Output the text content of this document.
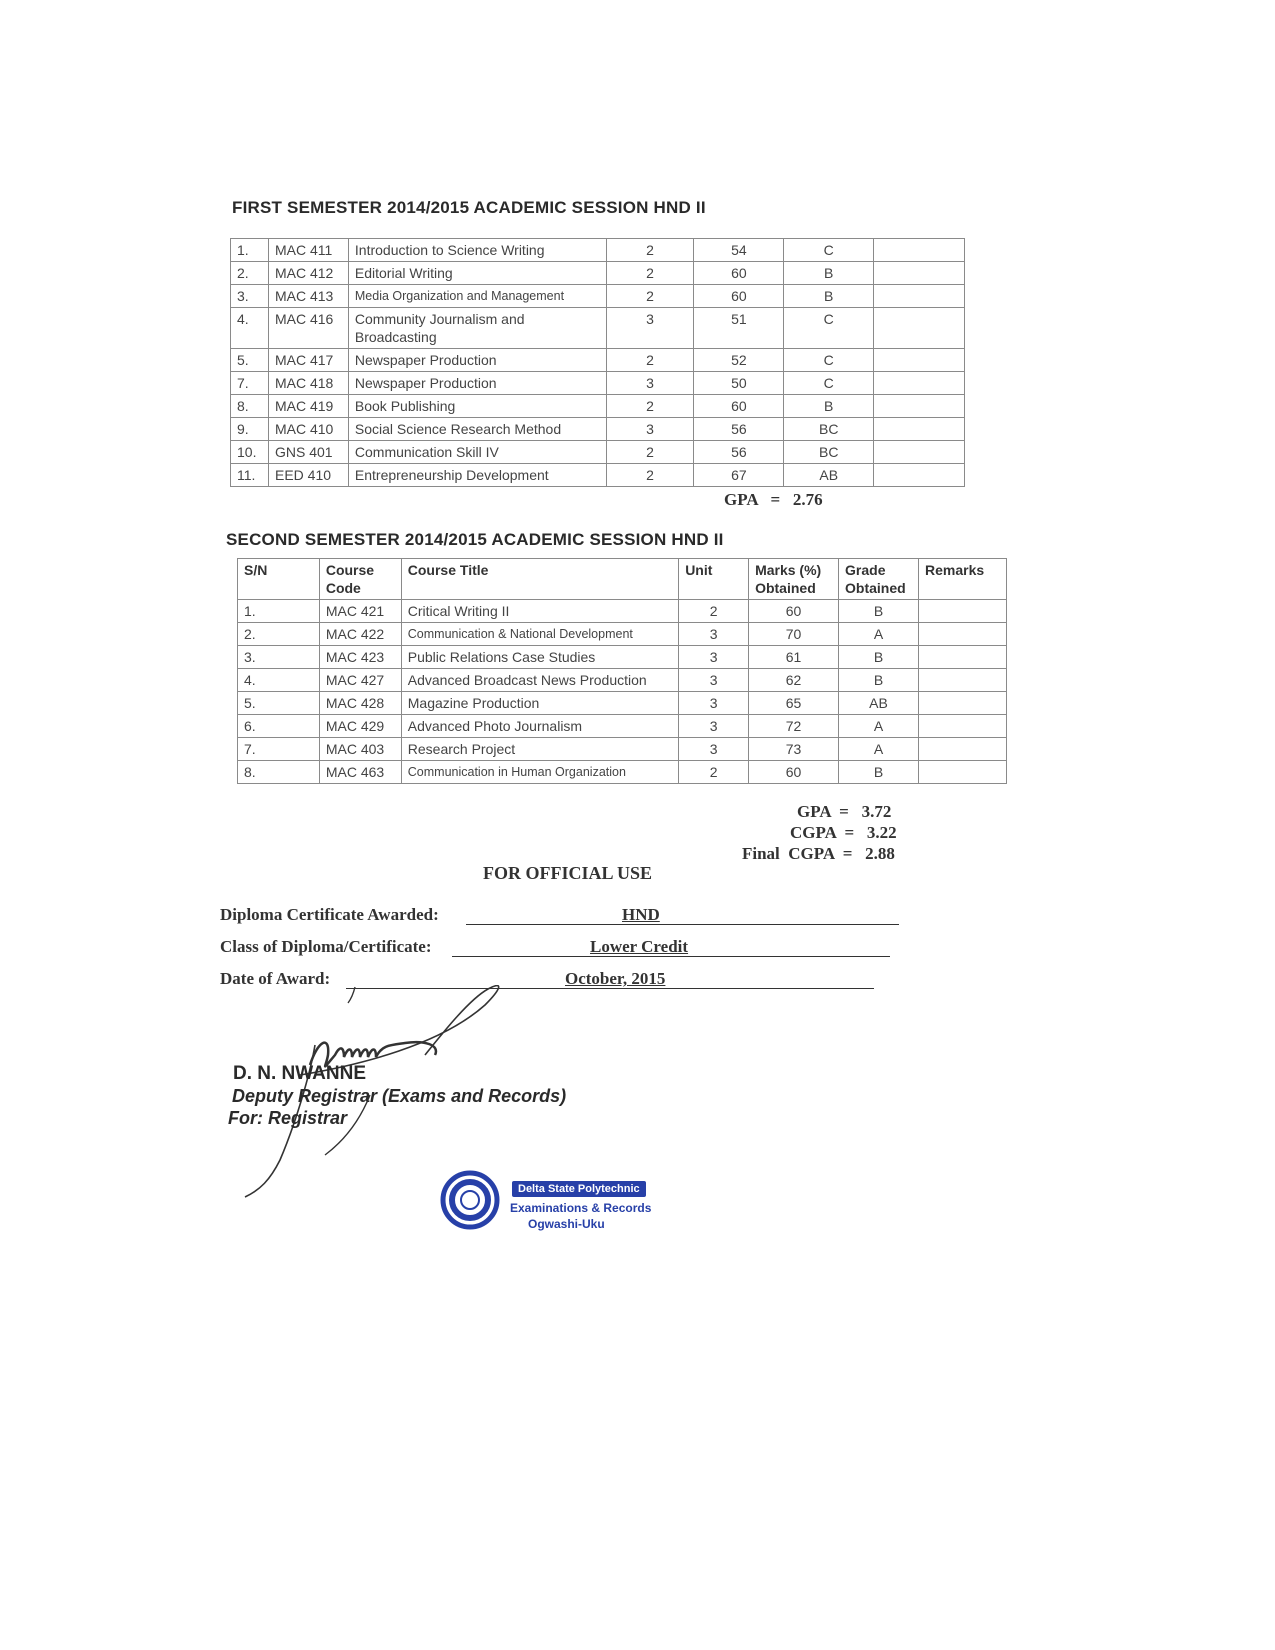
FIRST SEMESTER 2014/2015 ACADEMIC SESSION HND II
1.	MAC 411	Introduction to Science Writing	2	54	C	
2.	MAC 412	Editorial Writing	2	60	B	
3.	MAC 413	Media Organization and Management	2	60	B	
4.	MAC 416	Community Journalism and Broadcasting	3	51	C	
5.	MAC 417	Newspaper Production	2	52	C	
7.	MAC 418	Newspaper Production	3	50	C	
8.	MAC 419	Book Publishing	2	60	B	
9.	MAC 410	Social Science Research Method	3	56	BC	
10.	GNS 401	Communication Skill IV	2	56	BC	
11.	EED 410	Entrepreneurship Development	2	67	AB	
GPA = 2.76
SECOND SEMESTER 2014/2015 ACADEMIC SESSION HND II
S/N	Course Code	Course Title	Unit	Marks (%) Obtained	Grade Obtained	Remarks
1.	MAC 421	Critical Writing II	2	60	B	
2.	MAC 422	Communication & National Development	3	70	A	
3.	MAC 423	Public Relations Case Studies	3	61	B	
4.	MAC 427	Advanced Broadcast News Production	3	62	B	
5.	MAC 428	Magazine Production	3	65	AB	
6.	MAC 429	Advanced Photo Journalism	3	72	A	
7.	MAC 403	Research Project	3	73	A	
8.	MAC 463	Communication in Human Organization	2	60	B	
GPA  =   3.72
CGPA  =   3.22
Final  CGPA  =   2.88
FOR OFFICIAL USE
Diploma Certificate Awarded:	HND
Class of Diploma/Certificate:	Lower Credit
Date of Award:	October, 2015
D. N. NWANNE
Deputy Registrar (Exams and Records)
For: Registrar
Delta State Polytechnic
Examinations & Records
Ogwashi-Uku
